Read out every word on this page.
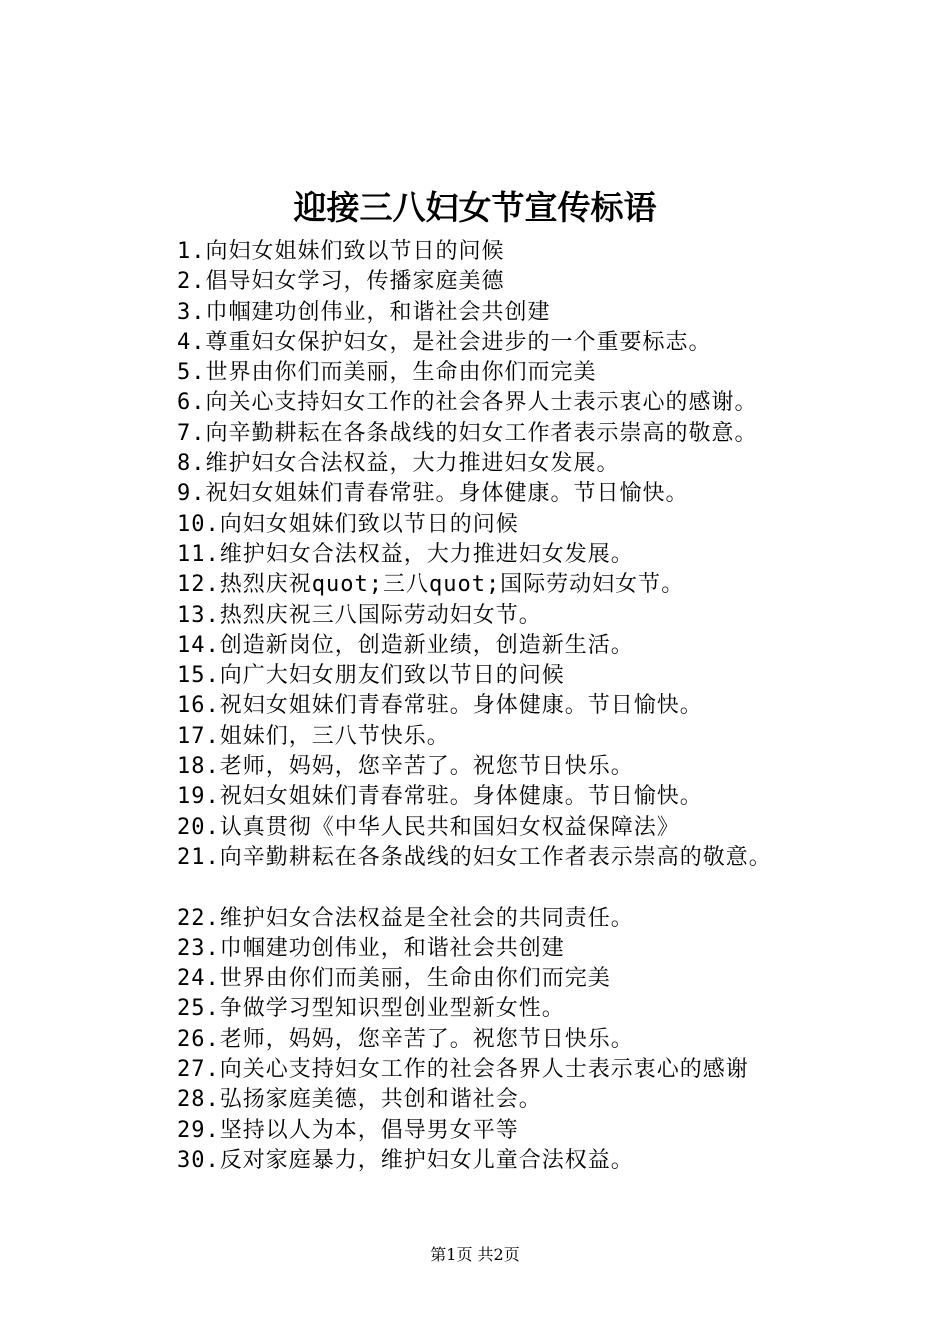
迎接三八妇女节宣传标语
1.向妇女姐妹们致以节日的问候
2.倡导妇女学习，传播家庭美德
3.巾帼建功创伟业，和谐社会共创建
4.尊重妇女保护妇女，是社会进步的一个重要标志。
5.世界由你们而美丽，生命由你们而完美
6.向关心支持妇女工作的社会各界人士表示衷心的感谢。
7.向辛勤耕耘在各条战线的妇女工作者表示崇高的敬意。
8.维护妇女合法权益，大力推进妇女发展。
9.祝妇女姐妹们青春常驻。身体健康。节日愉快。
10.向妇女姐妹们致以节日的问候
11.维护妇女合法权益，大力推进妇女发展。
12.热烈庆祝quot;三八quot;国际劳动妇女节。
13.热烈庆祝三八国际劳动妇女节。
14.创造新岗位，创造新业绩，创造新生活。
15.向广大妇女朋友们致以节日的问候
16.祝妇女姐妹们青春常驻。身体健康。节日愉快。
17.姐妹们，三八节快乐。
18.老师，妈妈，您辛苦了。祝您节日快乐。
19.祝妇女姐妹们青春常驻。身体健康。节日愉快。
20.认真贯彻《中华人民共和国妇女权益保障法》
21.向辛勤耕耘在各条战线的妇女工作者表示崇高的敬意。
22.维护妇女合法权益是全社会的共同责任。
23.巾帼建功创伟业，和谐社会共创建
24.世界由你们而美丽，生命由你们而完美
25.争做学习型知识型创业型新女性。
26.老师，妈妈，您辛苦了。祝您节日快乐。
27.向关心支持妇女工作的社会各界人士表示衷心的感谢
28.弘扬家庭美德，共创和谐社会。
29.坚持以人为本，倡导男女平等
30.反对家庭暴力，维护妇女儿童合法权益。
第1页 共2页
